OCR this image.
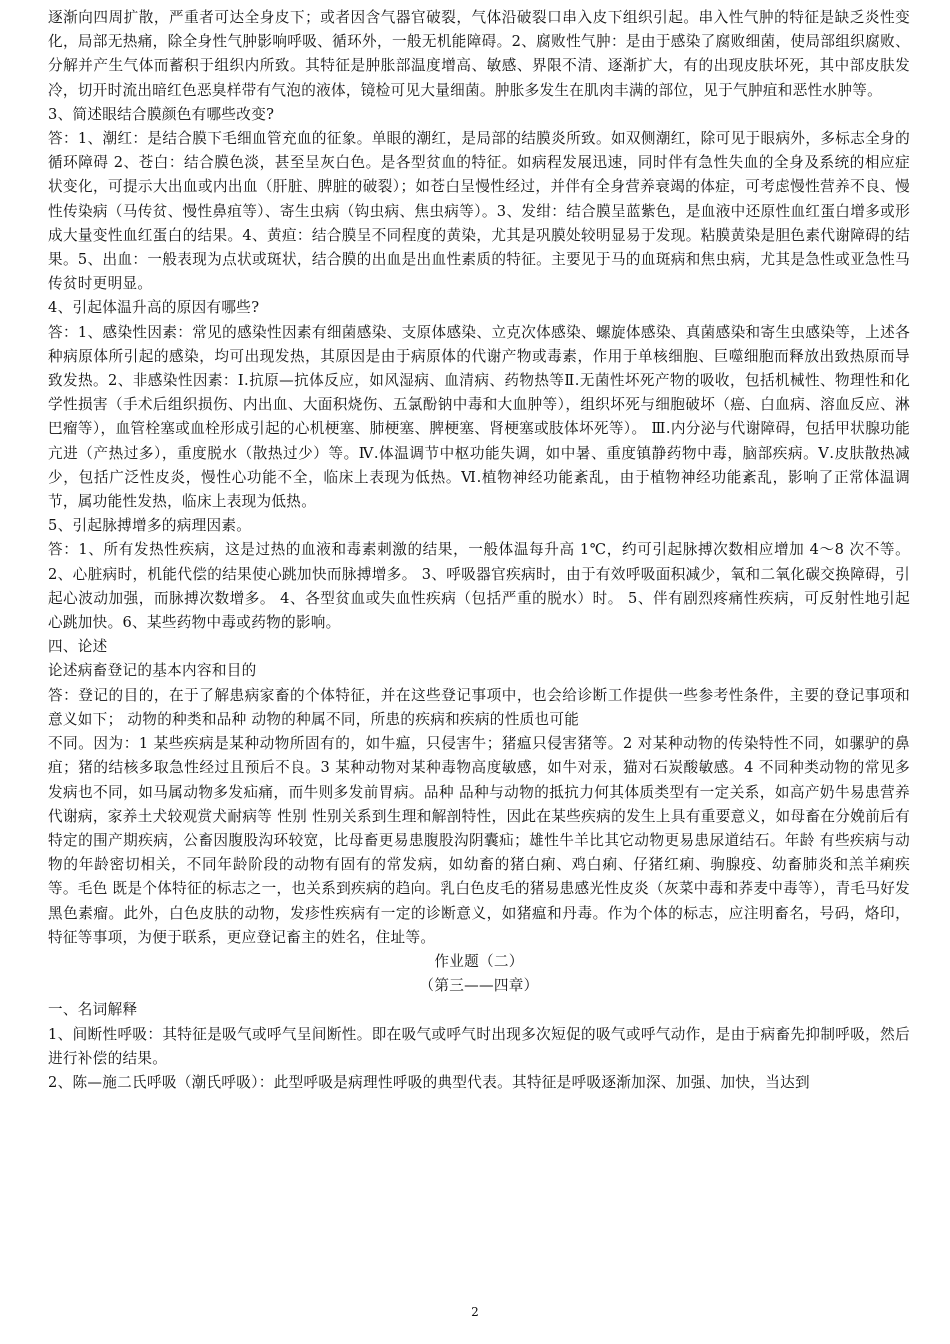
逐渐向四周扩散，严重者可达全身皮下；或者因含气器官破裂，气体沿破裂口串入皮下组织引起。串入性气肿的特征是缺乏炎性变化，局部无热痛，除全身性气肿影响呼吸、循环外，一般无机能障碍。2、腐败性气肿：是由于感染了腐败细菌，使局部组织腐败、分解并产生气体而蓄积于组织内所致。其特征是肿胀部温度增高、敏感、界限不清、逐渐扩大，有的出现皮肤坏死，其中部皮肤发冷，切开时流出暗红色恶臭样带有气泡的液体，镜检可见大量细菌。肿胀多发生在肌肉丰满的部位，见于气肿疽和恶性水肿等。

3、简述眼结合膜颜色有哪些改变?

答：1、潮红：是结合膜下毛细血管充血的征象。单眼的潮红，是局部的结膜炎所致。如双侧潮红，除可见于眼病外，多标志全身的循环障碍 2、苍白：结合膜色淡，甚至呈灰白色。是各型贫血的特征。如病程发展迅速，同时伴有急性失血的全身及系统的相应症状变化，可提示大出血或内出血（肝脏、脾脏的破裂）；如苍白呈慢性经过，并伴有全身营养衰竭的体症，可考虑慢性营养不良、慢性传染病（马传贫、慢性鼻疽等）、寄生虫病（钩虫病、焦虫病等）。3、发绀：结合膜呈蓝紫色，是血液中还原性血红蛋白增多或形成大量变性血红蛋白的结果。4、黄疸：结合膜呈不同程度的黄染，尤其是巩膜处较明显易于发现。粘膜黄染是胆色素代谢障碍的结果。5、出血：一般表现为点状或斑状，结合膜的出血是出血性素质的特征。主要见于马的血斑病和焦虫病，尤其是急性或亚急性马传贫时更明显。

4、引起体温升高的原因有哪些?

答：1、感染性因素：常见的感染性因素有细菌感染、支原体感染、立克次体感染、螺旋体感染、真菌感染和寄生虫感染等，上述各种病原体所引起的感染，均可出现发热，其原因是由于病原体的代谢产物或毒素，作用于单核细胞、巨噬细胞而释放出致热原而导致发热。2、非感染性因素：Ⅰ.抗原—抗体反应，如风湿病、血清病、药物热等Ⅱ.无菌性坏死产物的吸收，包括机械性、物理性和化学性损害（手术后组织损伤、内出血、大面积烧伤、五氯酚钠中毒和大血肿等），组织坏死与细胞破坏（癌、白血病、溶血反应、淋巴瘤等），血管栓塞或血栓形成引起的心机梗塞、肺梗塞、脾梗塞、肾梗塞或肢体坏死等）。 Ⅲ.内分泌与代谢障碍，包括甲状腺功能亢进（产热过多），重度脱水（散热过少）等。Ⅳ.体温调节中枢功能失调，如中暑、重度镇静药物中毒，脑部疾病。Ⅴ.皮肤散热减少，包括广泛性皮炎，慢性心功能不全，临床上表现为低热。Ⅵ.植物神经功能紊乱，由于植物神经功能紊乱，影响了正常体温调节，属功能性发热，临床上表现为低热。

5、引起脉搏增多的病理因素。

答：1、所有发热性疾病，这是过热的血液和毒素刺激的结果，一般体温每升高 1℃，约可引起脉搏次数相应增加 4～8 次不等。2、心脏病时，机能代偿的结果使心跳加快而脉搏增多。 3、呼吸器官疾病时，由于有效呼吸面积减少，氧和二氧化碳交换障碍，引起心波动加强，而脉搏次数增多。 4、各型贫血或失血性疾病（包括严重的脱水）时。 5、伴有剧烈疼痛性疾病，可反射性地引起心跳加快。6、某些药物中毒或药物的影响。

四、论述

论述病畜登记的基本内容和目的

答：登记的目的，在于了解患病家畜的个体特征，并在这些登记事项中，也会给诊断工作提供一些参考性条件，主要的登记事项和意义如下； 动物的种类和品种 动物的种属不同，所患的疾病和疾病的性质也可能

不同。因为：1 某些疾病是某种动物所固有的，如牛瘟，只侵害牛；猪瘟只侵害猪等。2 对某种动物的传染特性不同，如骡驴的鼻疽；猪的结核多取急性经过且预后不良。3 某种动物对某种毒物高度敏感，如牛对汞，猫对石炭酸敏感。4 不同种类动物的常见多发病也不同，如马属动物多发疝痛，而牛则多发前胃病。品种 品种与动物的抵抗力何其体质类型有一定关系，如高产奶牛易患营养代谢病，家养土犬较观赏犬耐病等 性别 性别关系到生理和解剖特性，因此在某些疾病的发生上具有重要意义，如母畜在分娩前后有特定的围产期疾病，公畜因腹股沟环较宽，比母畜更易患腹股沟阴囊疝；雄性牛羊比其它动物更易患尿道结石。年龄 有些疾病与动物的年龄密切相关，不同年龄阶段的动物有固有的常发病，如幼畜的猪白痢、鸡白痢、仔猪红痢、驹腺疫、幼畜肺炎和羔羊痢疾等。毛色 既是个体特征的标志之一，也关系到疾病的趋向。乳白色皮毛的猪易患感光性皮炎（灰菜中毒和荞麦中毒等），青毛马好发黑色素瘤。此外，白色皮肤的动物，发疹性疾病有一定的诊断意义，如猪瘟和丹毒。作为个体的标志，应注明畜名，号码，烙印，特征等事项，为便于联系，更应登记畜主的姓名，住址等。

作业题（二）

（第三——四章）

一、名词解释

1、间断性呼吸：其特征是吸气或呼气呈间断性。即在吸气或呼气时出现多次短促的吸气或呼气动作，是由于病畜先抑制呼吸，然后进行补偿的结果。

2、陈—施二氏呼吸（潮氏呼吸）：此型呼吸是病理性呼吸的典型代表。其特征是呼吸逐渐加深、加强、加快，当达到

2
